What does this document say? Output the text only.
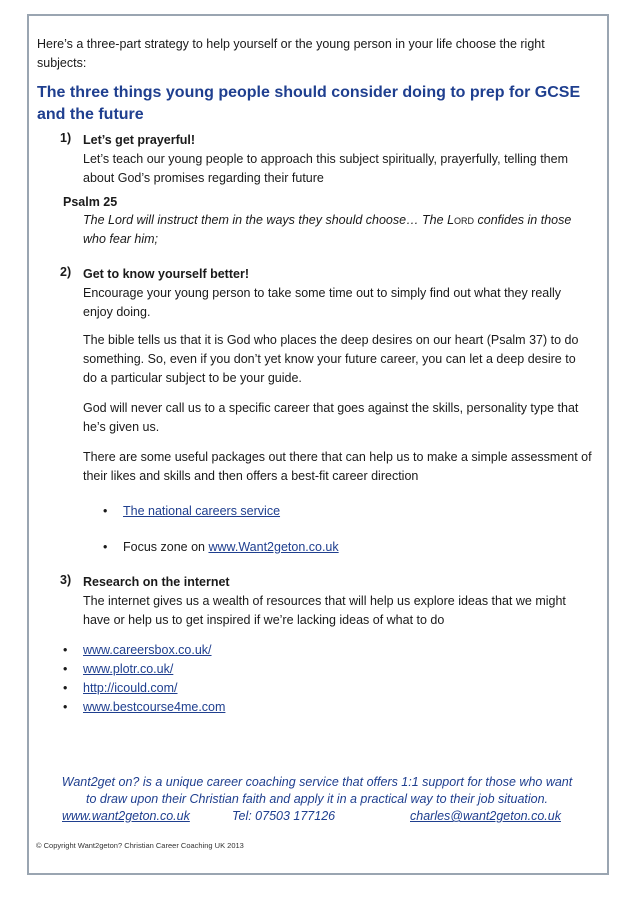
Here’s a three-part strategy to help yourself or the young person in your life choose the right subjects:

The three things young people should consider doing to prep for GCSE and the future
1) Let’s get prayerful!
Let’s teach our young people to approach this subject spiritually, prayerfully, telling them about God’s promises regarding their future
Psalm 25
The Lord will instruct them in the ways they should choose… The Lord confides in those who fear him;
2) Get to know yourself better!
Encourage your young person to take some time out to simply find out what they really enjoy doing.
The bible tells us that it is God who places the deep desires on our heart (Psalm 37) to do something. So, even if you don’t yet know your future career, you can let a deep desire to do a particular subject to be your guide.
God will never call us to a specific career that goes against the skills, personality type that he’s given us.
There are some useful packages out there that can help us to make a simple assessment of their likes and skills and then offers a best-fit career direction
• The national careers service
• Focus zone on www.Want2geton.co.uk
3) Research on the internet
The internet gives us a wealth of resources that will help us explore ideas that we might have or help us to get inspired if we’re lacking ideas of what to do
• www.careersbox.co.uk/
• www.plotr.co.uk/
• http://icould.com/
• www.bestcourse4me.com
Want2get on? is a unique career coaching service that offers 1:1 support for those who want
to draw upon their Christian faith and apply it in a practical way to their job situation.
www.want2geton.co.uk	Tel: 07503 177126	charles@want2geton.co.uk
© Copyright Want2geton? Christian Career Coaching UK 2013
